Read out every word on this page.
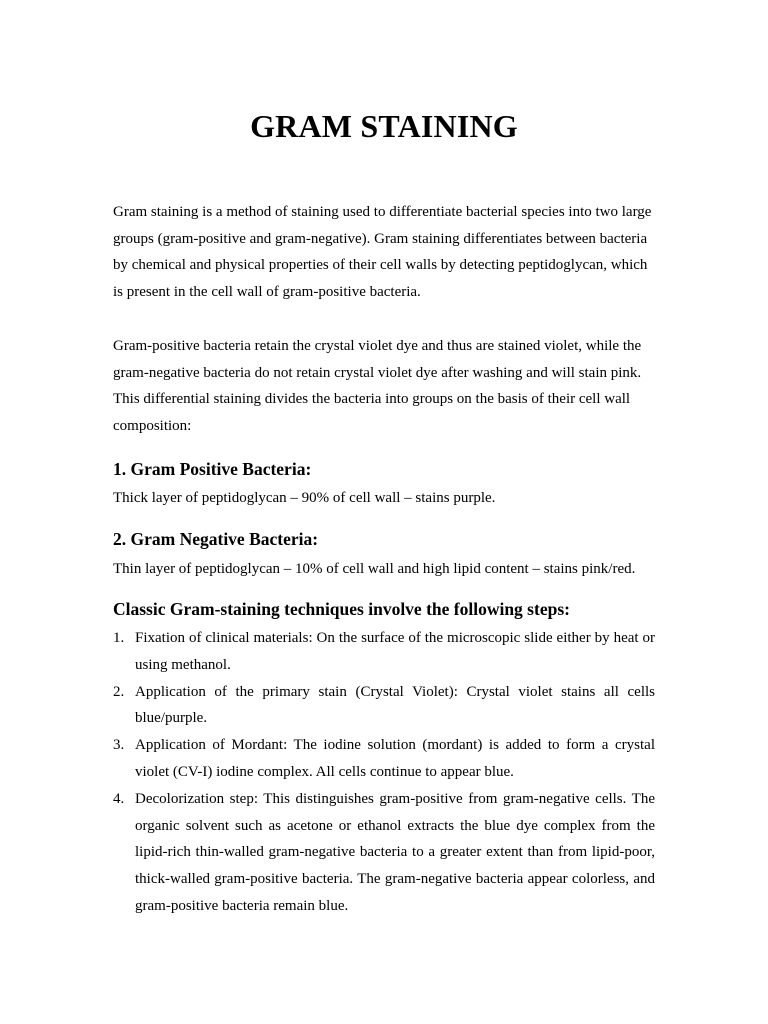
GRAM STAINING

Gram staining is a method of staining used to differentiate bacterial species into two large groups (gram-positive and gram-negative). Gram staining differentiates between bacteria by chemical and physical properties of their cell walls by detecting peptidoglycan, which is present in the cell wall of gram-positive bacteria.

Gram-positive bacteria retain the crystal violet dye and thus are stained violet, while the gram-negative bacteria do not retain crystal violet dye after washing and will stain pink. This differential staining divides the bacteria into groups on the basis of their cell wall composition:

1. Gram Positive Bacteria:

Thick layer of peptidoglycan – 90% of cell wall – stains purple.

2. Gram Negative Bacteria:

Thin layer of peptidoglycan – 10% of cell wall and high lipid content – stains pink/red.

Classic Gram-staining techniques involve the following steps:
1. Fixation of clinical materials: On the surface of the microscopic slide either by heat or using methanol.
2. Application of the primary stain (Crystal Violet): Crystal violet stains all cells blue/purple.
3. Application of Mordant: The iodine solution (mordant) is added to form a crystal violet (CV-I) iodine complex. All cells continue to appear blue.
4. Decolorization step: This distinguishes gram-positive from gram-negative cells. The organic solvent such as acetone or ethanol extracts the blue dye complex from the lipid-rich thin-walled gram-negative bacteria to a greater extent than from lipid-poor, thick-walled gram-positive bacteria. The gram-negative bacteria appear colorless, and gram-positive bacteria remain blue.
